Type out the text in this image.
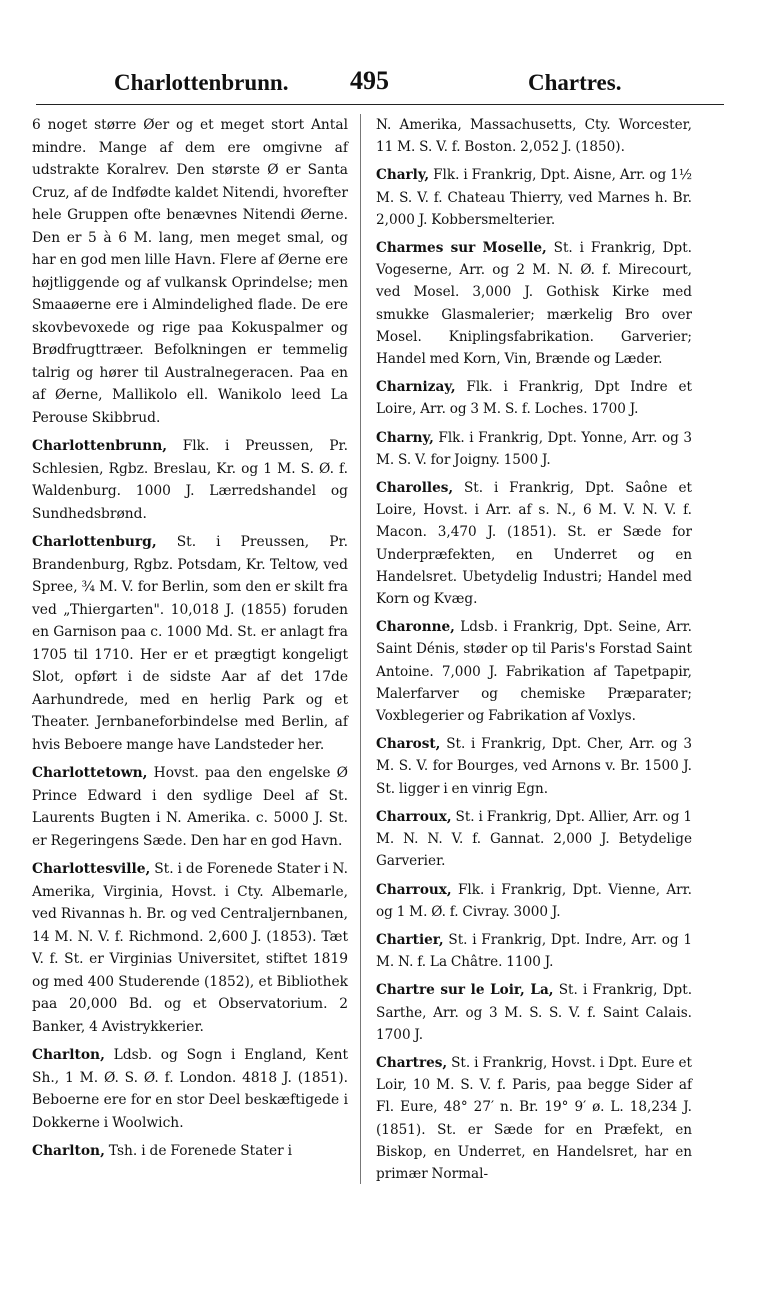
Charlottenbrunn. 495	Chartres.

6 noget større Øer og et meget stort Antal mindre. Mange af dem ere omgivne af udstrakte Koralrev. Den største Ø er Santa Cruz, af de Indfødte kaldet Nitendi, hvorefter hele Gruppen ofte benævnes Nitendi Øerne. Den er 5 à 6 M. lang, men meget smal, og har en god men lille Havn. Flere af Øerne ere højtliggende og af vulkansk Oprindelse; men Smaaøerne ere i Almindelighed flade. De ere skovbevoxede og rige paa Kokuspalmer og Brødfrugttræer. Befolkningen er temmelig talrig og hører til Australnegeracen. Paa en af Øerne, Mallikolo ell. Wanikolo leed La Perouse Skibbrud.

Charlottenbrunn, Flk. i Preussen, Pr. Schlesien, Rgbz. Breslau, Kr. og 1 M. S. Ø. f. Waldenburg. 1000 J. Lærredshandel og Sundhedsbrønd.

Charlottenburg, St. i Preussen, Pr. Brandenburg, Rgbz. Potsdam, Kr. Teltow, ved Spree, ¾ M. V. for Berlin, som den er skilt fra ved „Thiergarten". 10,018 J. (1855) foruden en Garnison paa c. 1000 Md. St. er anlagt fra 1705 til 1710. Her er et prægtigt kongeligt Slot, opført i de sidste Aar af det 17de Aarhundrede, med en herlig Park og et Theater. Jernbaneforbindelse med Berlin, af hvis Beboere mange have Landsteder her.

Charlottetown, Hovst. paa den engelske Ø Prince Edward i den sydlige Deel af St. Laurents Bugten i N. Amerika. c. 5000 J. St. er Regeringens Sæde. Den har en god Havn.

Charlottesville, St. i de Forenede Stater i N. Amerika, Virginia, Hovst. i Cty. Albemarle, ved Rivannas h. Br. og ved Centraljernbanen, 14 M. N. V. f. Richmond. 2,600 J. (1853). Tæt V. f. St. er Virginias Universitet, stiftet 1819 og med 400 Studerende (1852), et Bibliothek paa 20,000 Bd. og et Observatorium. 2 Banker, 4 Avistrykkerier.

Charlton, Ldsb. og Sogn i England, Kent Sh., 1 M. Ø. S. Ø. f. London. 4818 J. (1851). Beboerne ere for en stor Deel beskæftigede i Dokkerne i Woolwich.

Charlton, Tsh. i de Forenede Stater i

N. Amerika, Massachusetts, Cty. Worcester, 11 M. S. V. f. Boston. 2,052 J. (1850).

Charly, Flk. i Frankrig, Dpt. Aisne, Arr. og 1½ M. S. V. f. Chateau Thierry, ved Marnes h. Br. 2,000 J. Kobbersmelterier.

Charmes sur Moselle, St. i Frankrig, Dpt. Vogeserne, Arr. og 2 M. N. Ø. f. Mirecourt, ved Mosel. 3,000 J. Gothisk Kirke med smukke Glasmalerier; mærkelig Bro over Mosel. Kniplingsfabrikation. Garverier; Handel med Korn, Vin, Brænde og Læder.

Charnizay, Flk. i Frankrig, Dpt Indre et Loire, Arr. og 3 M. S. f. Loches. 1700 J.

Charny, Flk. i Frankrig, Dpt. Yonne, Arr. og 3 M. S. V. for Joigny. 1500 J.

Charolles, St. i Frankrig, Dpt. Saône et Loire, Hovst. i Arr. af s. N., 6 M. V. N. V. f. Macon. 3,470 J. (1851). St. er Sæde for Underpræfekten, en Underret og en Handelsret. Ubetydelig Industri; Handel med Korn og Kvæg.

Charonne, Ldsb. i Frankrig, Dpt. Seine, Arr. Saint Dénis, støder op til Paris's Forstad Saint Antoine. 7,000 J. Fabrikation af Tapetpapir, Malerfarver og chemiske Præparater; Voxblegerier og Fabrikation af Voxlys.

Charost, St. i Frankrig, Dpt. Cher, Arr. og 3 M. S. V. for Bourges, ved Arnons v. Br. 1500 J. St. ligger i en vinrig Egn.

Charroux, St. i Frankrig, Dpt. Allier, Arr. og 1 M. N. N. V. f. Gannat. 2,000 J. Betydelige Garverier.

Charroux, Flk. i Frankrig, Dpt. Vienne, Arr. og 1 M. Ø. f. Civray. 3000 J.

Chartier, St. i Frankrig, Dpt. Indre, Arr. og 1 M. N. f. La Châtre. 1100 J.

Chartre sur le Loir, La, St. i Frankrig, Dpt. Sarthe, Arr. og 3 M. S. S. V. f. Saint Calais. 1700 J.

Chartres, St. i Frankrig, Hovst. i Dpt. Eure et Loir, 10 M. S. V. f. Paris, paa begge Sider af Fl. Eure, 48° 27′ n. Br. 19° 9′ ø. L. 18,234 J. (1851). St. er Sæde for en Præfekt, en Biskop, en Underret, en Handelsret, har en primær Normal-
